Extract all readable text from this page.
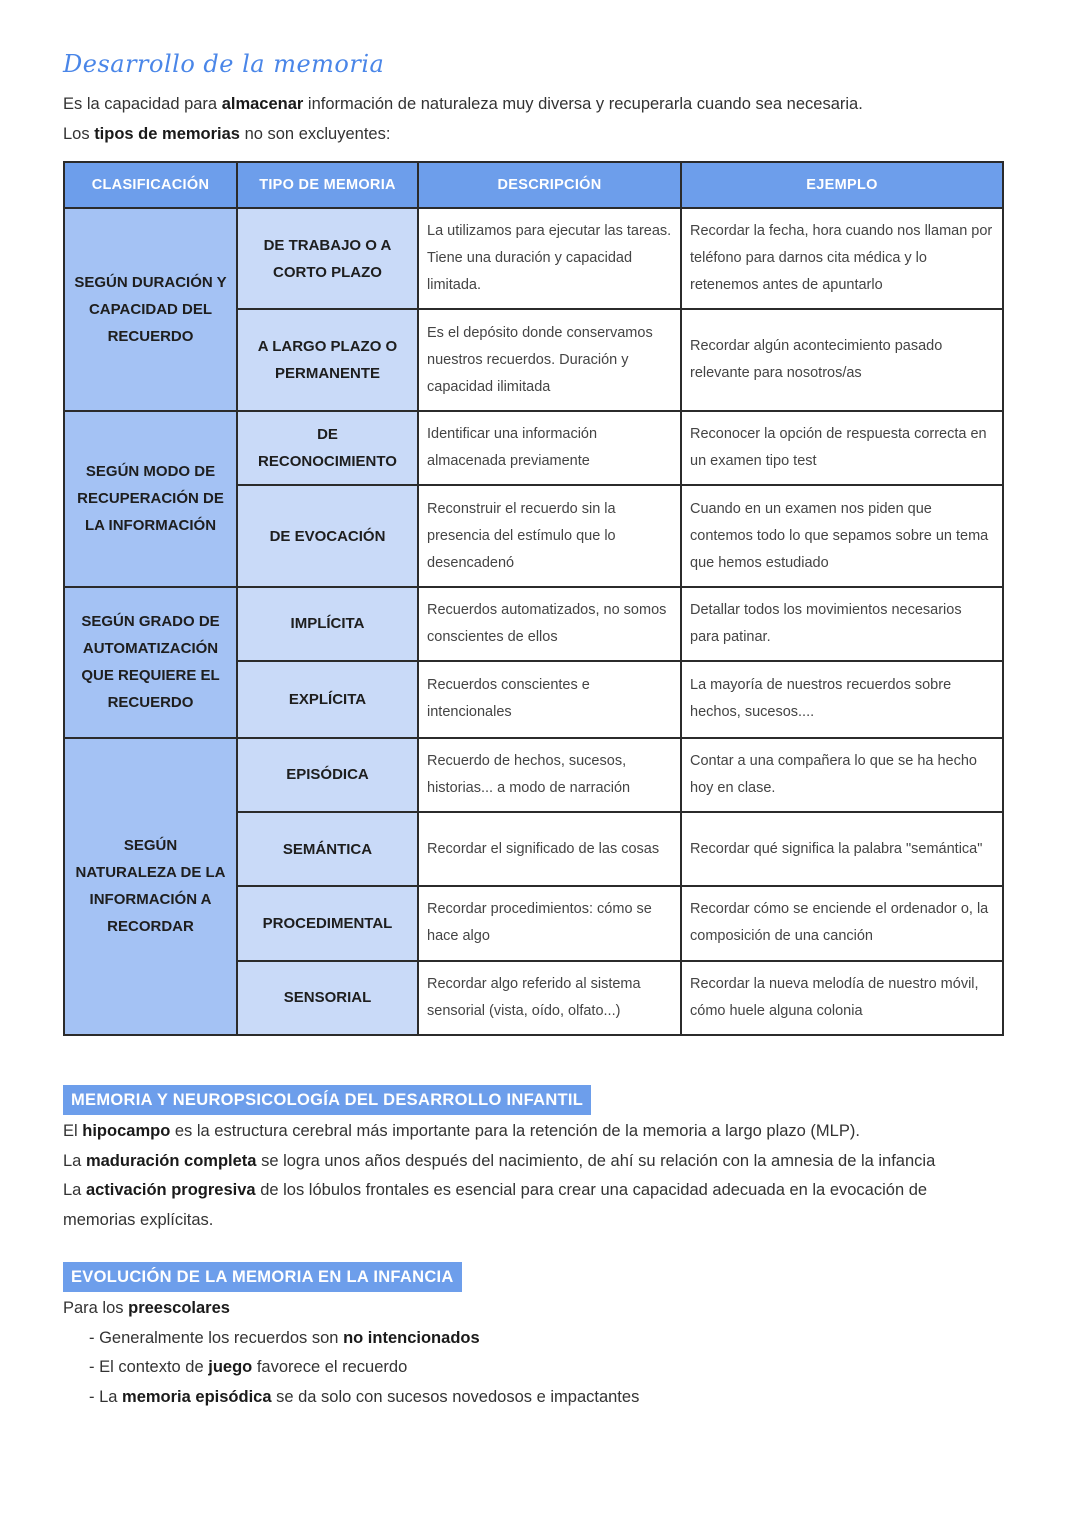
Desarrollo de la memoria

Es la capacidad para almacenar información de naturaleza muy diversa y recuperarla cuando sea necesaria.

Los tipos de memorias no son excluyentes:

CLASIFICACIÓN	TIPO DE MEMORIA	DESCRIPCIÓN	EJEMPLO
SEGÚN DURACIÓN Y CAPACIDAD DEL RECUERDO	DE TRABAJO O A CORTO PLAZO	La utilizamos para ejecutar las tareas. Tiene una duración y capacidad limitada.	Recordar la fecha, hora cuando nos llaman por teléfono para darnos cita médica y lo retenemos antes de apuntarlo
	A LARGO PLAZO O PERMANENTE	Es el depósito donde conservamos nuestros recuerdos. Duración y capacidad ilimitada	Recordar algún acontecimiento pasado relevante para nosotros/as
SEGÚN MODO DE RECUPERACIÓN DE LA INFORMACIÓN	DE RECONOCIMIENTO	Identificar una información almacenada previamente	Reconocer la opción de respuesta correcta en un examen tipo test
	DE EVOCACIÓN	Reconstruir el recuerdo sin la presencia del estímulo que lo desencadenó	Cuando en un examen nos piden que contemos todo lo que sepamos sobre un tema que hemos estudiado
SEGÚN GRADO DE AUTOMATIZACIÓN QUE REQUIERE EL RECUERDO	IMPLÍCITA	Recuerdos automatizados, no somos conscientes de ellos	Detallar todos los movimientos necesarios para patinar.
	EXPLÍCITA	Recuerdos conscientes e intencionales	La mayoría de nuestros recuerdos sobre hechos, sucesos....
SEGÚN NATURALEZA DE LA INFORMACIÓN A RECORDAR	EPISÓDICA	Recuerdo de hechos, sucesos, historias... a modo de narración	Contar a una compañera lo que se ha hecho hoy en clase.
	SEMÁNTICA	Recordar el significado de las cosas	Recordar qué significa la palabra "semántica"
	PROCEDIMENTAL	Recordar procedimientos: cómo se hace algo	Recordar cómo se enciende el ordenador o, la composición de una canción
	SENSORIAL	Recordar algo referido al sistema sensorial (vista, oído, olfato...)	Recordar la nueva melodía de nuestro móvil, cómo huele alguna colonia
MEMORIA Y NEUROPSICOLOGÍA DEL DESARROLLO INFANTIL

El hipocampo es la estructura cerebral más importante para la retención de la memoria a largo plazo (MLP).

La maduración completa se logra unos años después del nacimiento, de ahí su relación con la amnesia de la infancia

La activación progresiva de los lóbulos frontales es esencial para crear una capacidad adecuada en la evocación de memorias explícitas.

EVOLUCIÓN DE LA MEMORIA EN LA INFANCIA

Para los preescolares

- Generalmente los recuerdos son no intencionados
- El contexto de juego favorece el recuerdo
- La memoria episódica se da solo con sucesos novedosos e impactantes
